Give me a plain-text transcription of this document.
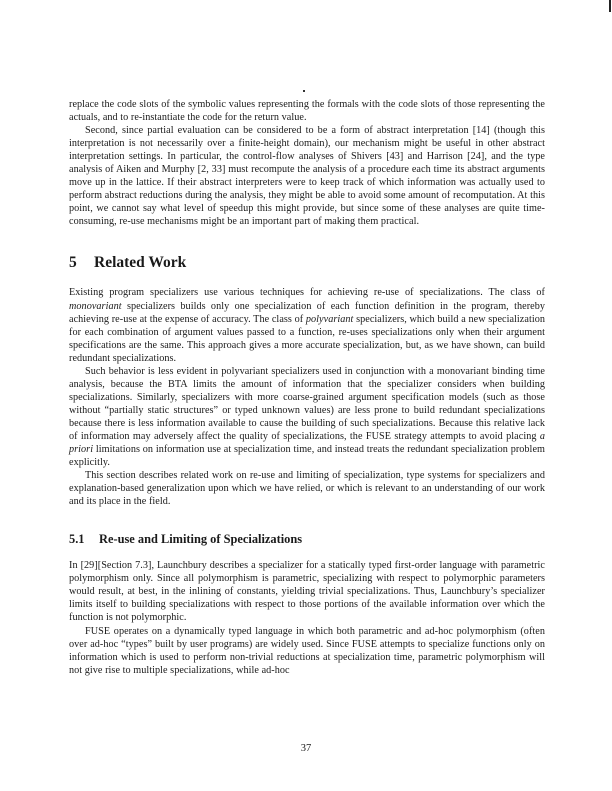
replace the code slots of the symbolic values representing the formals with the code slots of those representing the actuals, and to re-instantiate the code for the return value.

Second, since partial evaluation can be considered to be a form of abstract interpretation [14] (though this interpretation is not necessarily over a finite-height domain), our mechanism might be useful in other abstract interpretation settings. In particular, the control-flow analyses of Shivers [43] and Harrison [24], and the type analysis of Aiken and Murphy [2, 33] must recompute the analysis of a procedure each time its abstract arguments move up in the lattice. If their abstract interpreters were to keep track of which information was actually used to perform abstract reductions during the analysis, they might be able to avoid some amount of recomputation. At this point, we cannot say what level of speedup this might provide, but since some of these analyses are quite time-consuming, re-use mechanisms might be an important part of making them practical.

5 Related Work

Existing program specializers use various techniques for achieving re-use of specializations. The class of monovariant specializers builds only one specialization of each function definition in the program, thereby achieving re-use at the expense of accuracy. The class of polyvariant specializers, which build a new specialization for each combination of argument values passed to a function, re-uses specializations only when their argument specifications are the same. This approach gives a more accurate specialization, but, as we have shown, can build redundant specializations.

Such behavior is less evident in polyvariant specializers used in conjunction with a monovariant binding time analysis, because the BTA limits the amount of information that the specializer considers when building specializations. Similarly, specializers with more coarse-grained argument specification models (such as those without “partially static structures” or typed unknown values) are less prone to build redundant specializations because there is less information available to cause the building of such specializations. Because this relative lack of information may adversely affect the quality of specializations, the FUSE strategy attempts to avoid placing a priori limitations on information use at specialization time, and instead treats the redundant specialization problem explicitly.

This section describes related work on re-use and limiting of specialization, type systems for specializers and explanation-based generalization upon which we have relied, or which is relevant to an understanding of our work and its place in the field.

5.1 Re-use and Limiting of Specializations

In [29][Section 7.3], Launchbury describes a specializer for a statically typed first-order language with parametric polymorphism only. Since all polymorphism is parametric, specializing with respect to polymorphic parameters would result, at best, in the inlining of constants, yielding trivial specializations. Thus, Launchbury’s specializer limits itself to building specializations with respect to those portions of the available information over which the function is not polymorphic.

FUSE operates on a dynamically typed language in which both parametric and ad-hoc polymorphism (often over ad-hoc “types” built by user programs) are widely used. Since FUSE attempts to specialize functions only on information which is used to perform non-trivial reductions at specialization time, parametric polymorphism will not give rise to multiple specializations, while ad-hoc

37
